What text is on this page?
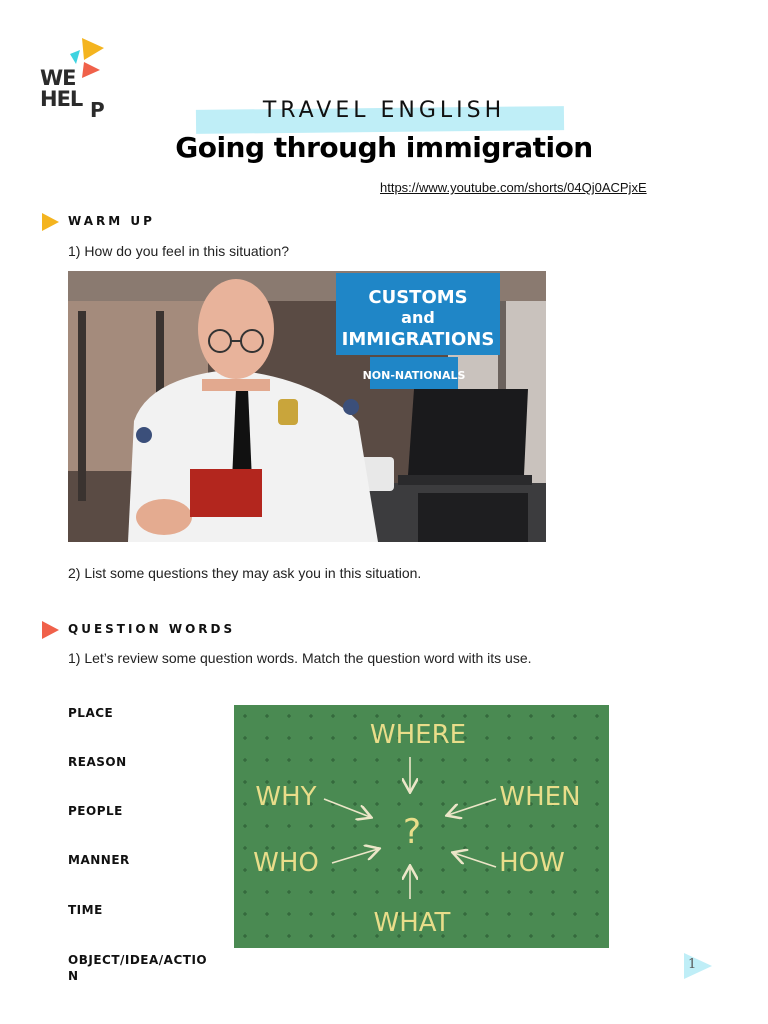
WE
HEL P	TRAVEL ENGLISH
Going through immigration
https://www.youtube.com/shorts/04Qj0ACPjxE
WARM UP
1) How do you feel in this situation?
CUSTOMS
and
IMMIGRATIONS
NON-NATIONALS
2) List some questions they may ask you in this situation.
QUESTION WORDS
1) Let’s review some question words. Match the question word with its use.
PLACE
REASON
PEOPLE
MANNER
TIME
OBJECT/IDEA/ACTIO
N
WHERE
WHY	WHEN
WHO	HOW
WHAT
?
1
